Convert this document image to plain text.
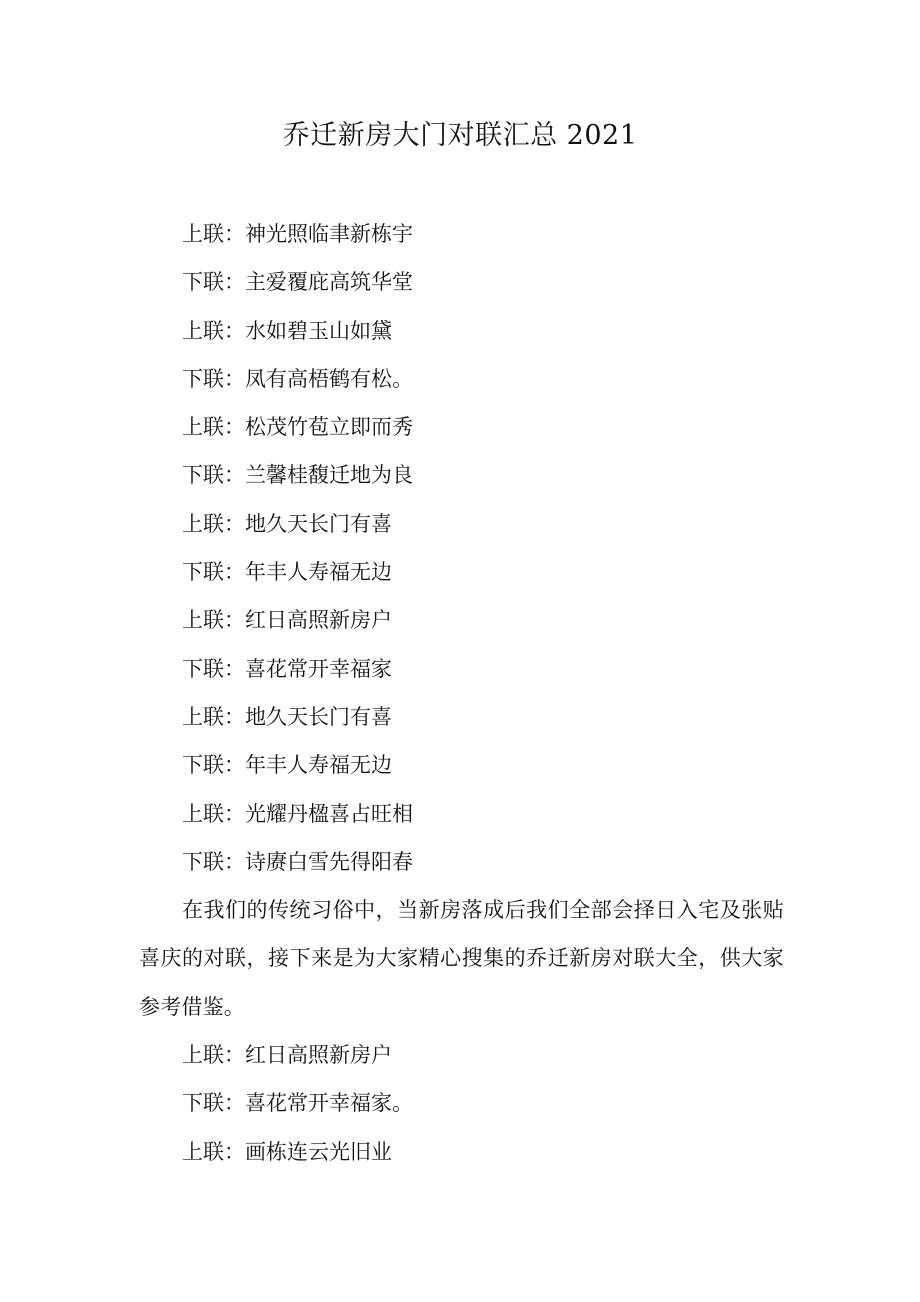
乔迁新房大门对联汇总 2021
上联：神光照临聿新栋宇
下联：主爱覆庇高筑华堂
上联：水如碧玉山如黛
下联：凤有高梧鹤有松。
上联：松茂竹苞立即而秀
下联：兰馨桂馥迁地为良
上联：地久天长门有喜
下联：年丰人寿福无边
上联：红日高照新房户
下联：喜花常开幸福家
上联：地久天长门有喜
下联：年丰人寿福无边
上联：光耀丹楹喜占旺相
下联：诗赓白雪先得阳春
在我们的传统习俗中，当新房落成后我们全部会择日入宅及张贴喜庆的对联，接下来是为大家精心搜集的乔迁新房对联大全，供大家参考借鉴。
上联：红日高照新房户
下联：喜花常开幸福家。
上联：画栋连云光旧业
